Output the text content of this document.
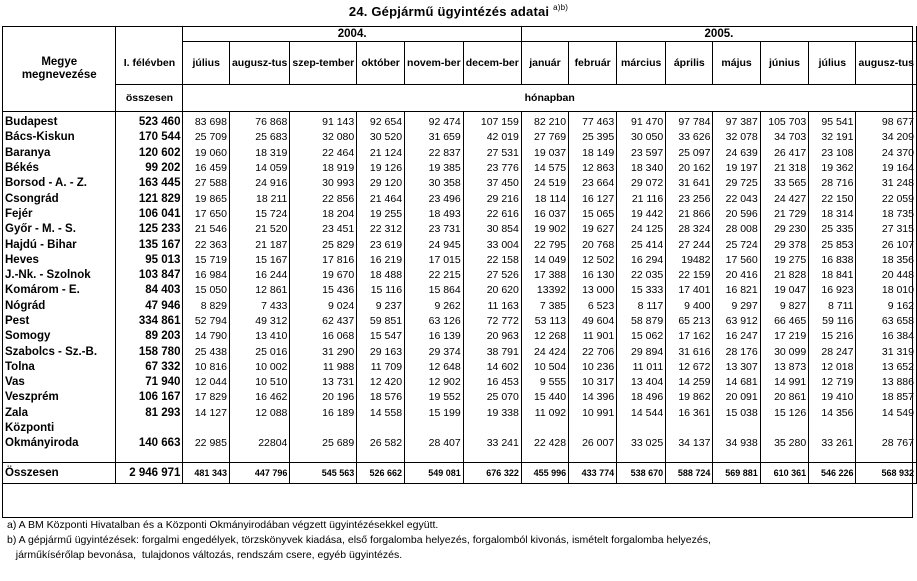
24. Gépjármű ügyintézés adatai $^{a)b)}$
Megye
megnevezése		2004.						2005.							
	I. félévben	július	augusz-tus	szep-tember	október	novem-ber	decem-ber	január	február	március	április	május	június	július	augusz-tus
	összesen	hónapban													
Budapest	523 460	83 698	76 868	91 143	92 654	92 474	107 159	82 210	77 463	91 470	97 784	97 387	105 703	95 541	98 677
Bács-Kiskun	170 544	25 709	25 683	32 080	30 520	31 659	42 019	27 769	25 395	30 050	33 626	32 078	34 703	32 191	34 209
Baranya	120 602	19 060	18 319	22 464	21 124	22 837	27 531	19 037	18 149	23 597	25 097	24 639	26 417	23 108	24 370
Békés	99 202	16 459	14 059	18 919	19 126	19 385	23 776	14 575	12 863	18 340	20 162	19 197	21 318	19 362	19 164
Borsod - A. - Z.	163 445	27 588	24 916	30 993	29 120	30 358	37 450	24 519	23 664	29 072	31 641	29 725	33 565	28 716	31 248
Csongrád	121 829	19 865	18 211	22 856	21 464	23 496	29 216	18 114	16 127	21 116	23 256	22 043	24 427	22 150	22 059
Fejér	106 041	17 650	15 724	18 204	19 255	18 493	22 616	16 037	15 065	19 442	21 866	20 596	21 729	18 314	18 735
Győr - M. - S.	125 233	21 546	21 520	23 451	22 312	23 731	30 854	19 902	19 627	24 125	28 324	28 008	29 230	25 335	27 315
Hajdú - Bihar	135 167	22 363	21 187	25 829	23 619	24 945	33 004	22 795	20 768	25 414	27 244	25 724	29 378	25 853	26 107
Heves	95 013	15 719	15 167	17 816	16 219	17 015	22 158	14 049	12 502	16 294	19482	17 560	19 275	16 838	18 356
J.-Nk. - Szolnok	103 847	16 984	16 244	19 670	18 488	22 215	27 526	17 388	16 130	22 035	22 159	20 416	21 828	18 841	20 448
Komárom - E.	84 403	15 050	12 861	15 436	15 116	15 864	20 620	13392	13 000	15 333	17 401	16 821	19 047	16 923	18 010
Nógrád	47 946	8 829	7 433	9 024	9 237	9 262	11 163	7 385	6 523	8 117	9 400	9 297	9 827	8 711	9 162
Pest	334 861	52 794	49 312	62 437	59 851	63 126	72 772	53 113	49 604	58 879	65 213	63 912	66 465	59 116	63 658
Somogy	89 203	14 790	13 410	16 068	15 547	16 139	20 963	12 268	11 901	15 062	17 162	16 247	17 219	15 216	16 384
Szabolcs - Sz.-B.	158 780	25 438	25 016	31 290	29 163	29 374	38 791	24 424	22 706	29 894	31 616	28 176	30 099	28 247	31 319
Tolna	67 332	10 816	10 002	11 988	11 709	12 648	14 602	10 504	10 236	11 011	12 672	13 307	13 873	12 018	13 652
Vas	71 940	12 044	10 510	13 731	12 420	12 902	16 453	9 555	10 317	13 404	14 259	14 681	14 991	12 719	13 886
Veszprém	106 167	17 829	16 462	20 196	18 576	19 552	25 070	15 440	14 396	18 496	19 862	20 091	20 861	19 410	18 857
Zala	81 293	14 127	12 088	16 189	14 558	15 199	19 338	11 092	10 991	14 544	16 361	15 038	15 126	14 356	14 549
Központi															
Okmányiroda	140 663	22 985	22804	25 689	26 582	28 407	33 241	22 428	26 007	33 025	34 137	34 938	35 280	33 261	28 767

Összesen	2 946 971	481 343	447 796	545 563	526 662	549 081	676 322	455 996	433 774	538 670	588 724	569 881	610 361	546 226	568 932
a) A BM Központi Hivatalban és a Központi Okmányirodában végzett ügyintézésekkel együtt.
b) A gépjármű ügyintézések: forgalmi engedélyek, törzskönyvek kiadása, első forgalomba helyezés, forgalomból kivonás, ismételt forgalomba helyezés,
járműkísérőlap bevonása,  tulajdonos változás, rendszám csere, egyéb ügyintézés.
